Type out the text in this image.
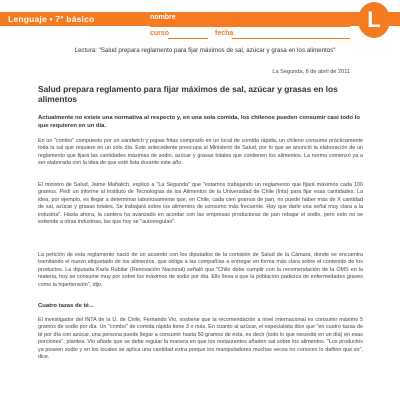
Lenguaje • 7° básico	nombre
curso	fecha
L
Lectura: "Salud prepara reglamento para fijar máximos de sal, azúcar y grasa en los alimentos"
La Segunda, 6 de abril de 2011
Salud prepara reglamento para fijar máximos de sal, azúcar y grasas en los alimentos
Actualmente no existe una normativa al respecto y, en una sola comida, los chilenos pueden consumir casi todo lo que requieren en un día.

En un "combo" compuesto por un sándwich y papas fritas comprado en un local de comida rápida, un chileno consume prácticamente toda la sal que requiere en un sólo día. Este antecedente preocupa al Ministerio de Salud, por lo que se anunció la elaboración de un reglamento que fijará las cantidades máximas de sodio, azúcar y grasas totales que contienen los alimentos. La norma comenzó ya a ser elaborada con la idea de que esté lista durante este año.

El ministro de Salud, Jaime Mañalich, explicó a "La Segunda" que "estamos trabajando un reglamento que fijará máximos cada 100 gramos. Pedí un informe al Instituto de Tecnologías de los Alimentos de la Universidad de Chile (Inta) para fijar esas cantidades. La idea, por ejemplo, es llegar a determinar laboriosamente que, en Chile, cada cien gramos de pan, no puede haber más de X cantidad de sal, azúcar y grasas totales. Se trabajará sobre los alimentos de consumo más frecuente. Hay que darle una señal muy clara a la industria". Hasta ahora, la cantera ha avanzado en acordar con las empresas productoras de pan rebajar el sodio, pero esto no se extiende a otras industrias, las que hoy se "autorregulan".

La petición de esta reglamento nació de un acuerdo con los diputados de la comisión de Salud de la Cámara, donde se encuentra tramitando el nuevo etiquetado de los alimentos, que obliga a las compañías a entregar en forma más clara sobre el contenido de los productos. La diputada Karla Rubilar (Renovación Nacional) señaló que "Chile debe cumplir con la recomendación de la OMS en la materia, hoy se consume muy por sobre los máximos de sodio por día. Ello lleva a que la población padezca de enfermedades graves como la hipertensión", dijo.

Cuatro tazas de té...

El investigador del INTA de la U. de Chile, Fernando Vio, sostiene que la recomendación a nivel internacional es consumir máximo 5 gramos de sodio por día. Un "combo" de comida rápida tiene 3 o más. En cuanto al azúcar, el especialista dice que "en cuatro tazas de té por día con azúcar, una persona puede llegar a consumir hasta 50 gramos de ésta, es decir (todo lo que necesita en un día) en esas porciones", plantea. Vio añade que se debe regular la manera en que los restaurantes añaden sal sobre los alimentos. "Los productos ya poseen sodio y en los locales se aplica una cantidad extra porque los manipuladores muchas veces no conocen lo dañino que es", dice.
